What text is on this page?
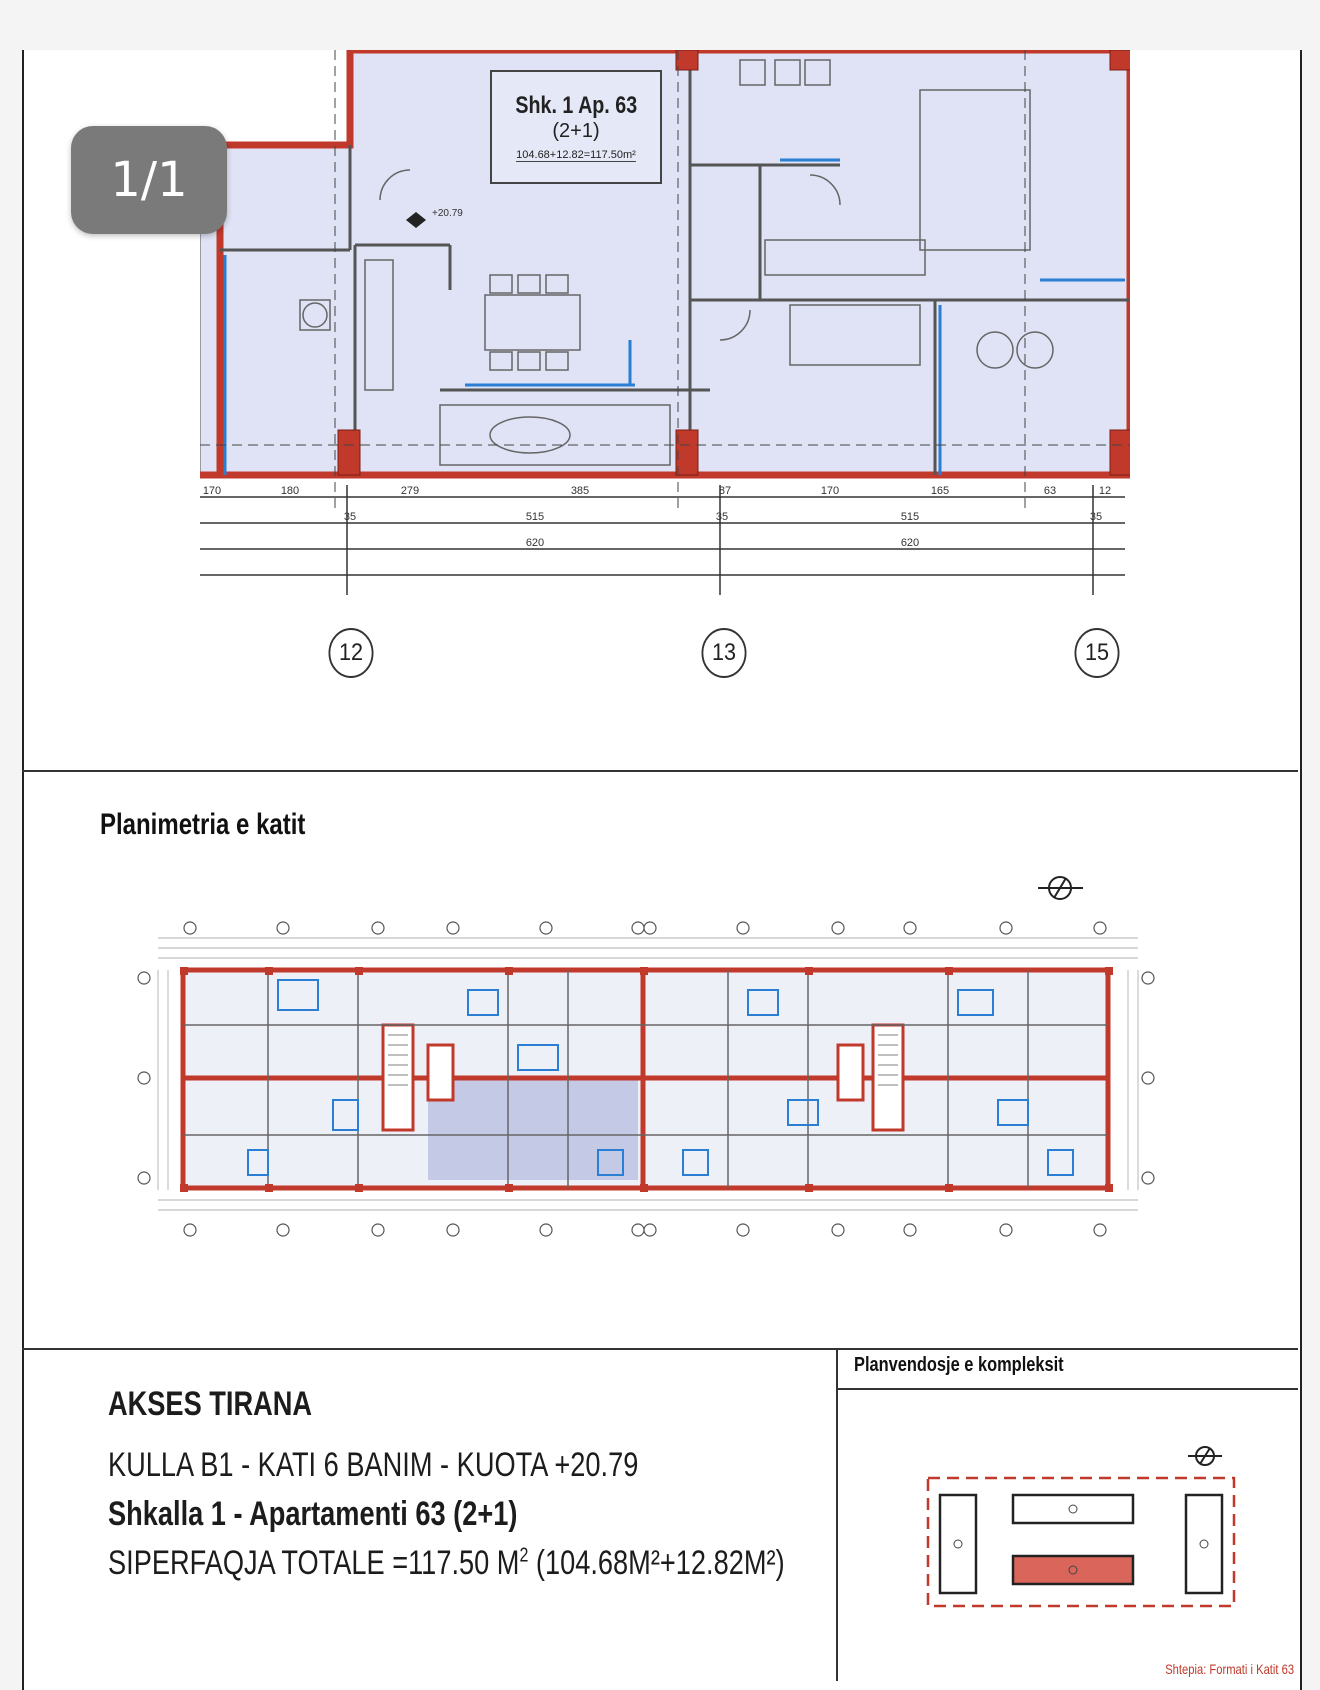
1/1
+20.79
Shk. 1 Ap. 63
(2+1)
104.68+12.82=117.50m²
170	180	279	385	87	170	165	63	12
35	515	35	515	35
620	620
12	13	15
Planimetria e katit
AKSES TIRANA
KULLA B1 - KATI 6 BANIM - KUOTA +20.79
Shkalla 1 - Apartamenti 63 (2+1)
SIPERFAQJA TOTALE =117.50 $M^2$ (104.68M²+12.82M²)
Planvendosje e kompleksit
Shtepia: Formati i Katit 63
